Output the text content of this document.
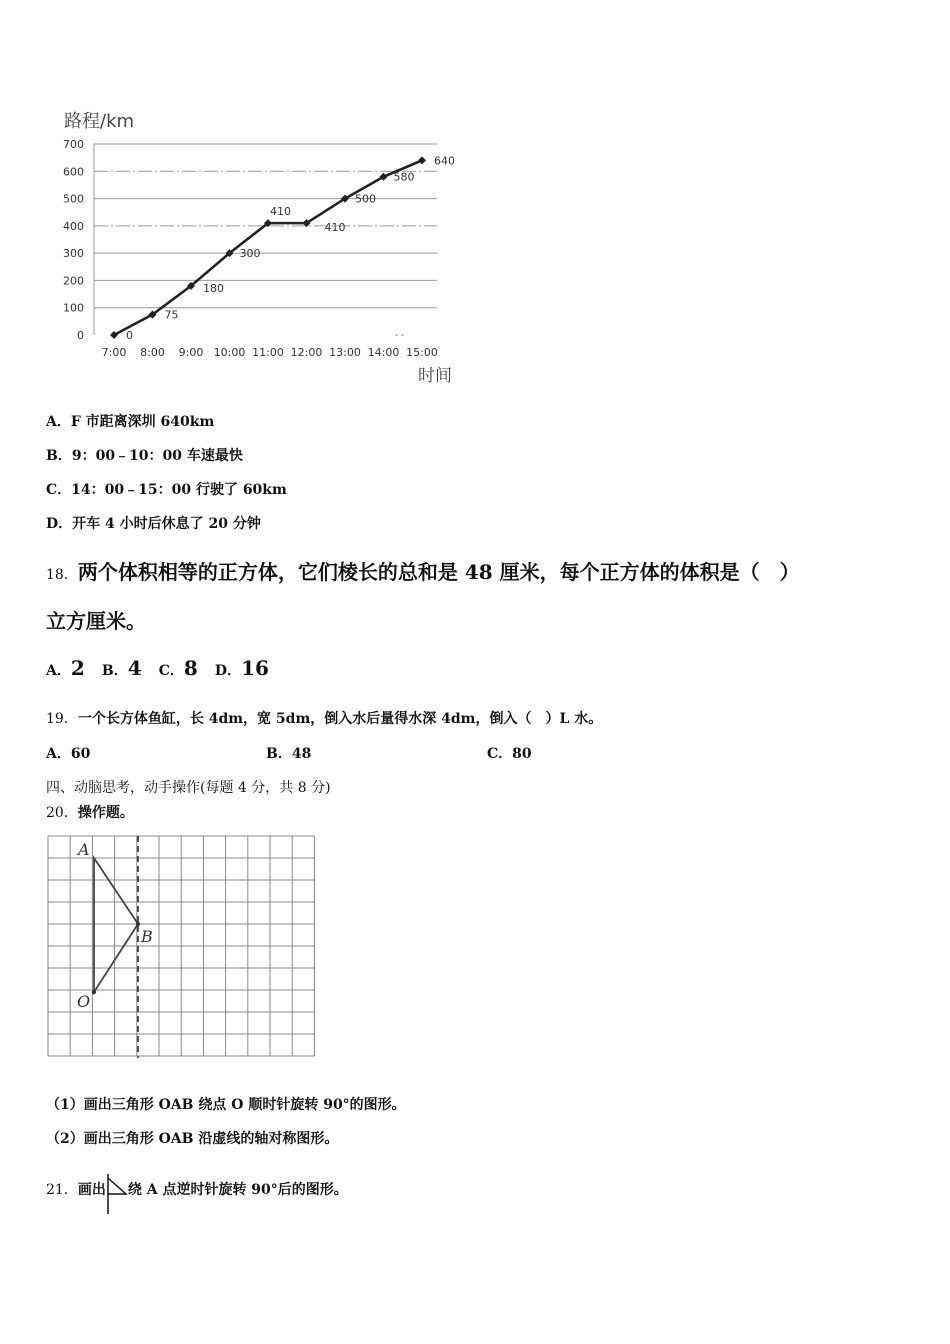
路程/km
0
100
200
300
400
500
600
700
7:00 8:00 9:00 10:00 11:00 12:00 13:00 14:00 15:00
0
75
180
300
410
410
500
580
640
时间
A．F 市距离深圳 640km
B．9：00﹣10：00 车速最快
C．14：00﹣15：00 行驶了 60km
D．开车 4 小时后休息了 20 分钟
18．两个体积相等的正方体，它们棱长的总和是 48 厘米，每个正方体的体积是（　）
立方厘米。
A．2 B．4 C．8 D．16
19．一个长方体鱼缸，长 4dm，宽 5dm，倒入水后量得水深 4dm，倒入（　）L 水。
A．60	B．48	C．80
四、动脑思考，动手操作(每题 4 分，共 8 分)
20．操作题。
A
B
O
（1）画出三角形 OAB 绕点 O 顺时针旋转 90°的图形。
（2）画出三角形 OAB 沿虚线的轴对称图形。
21．画出 绕 A 点逆时针旋转 90°后的图形。
